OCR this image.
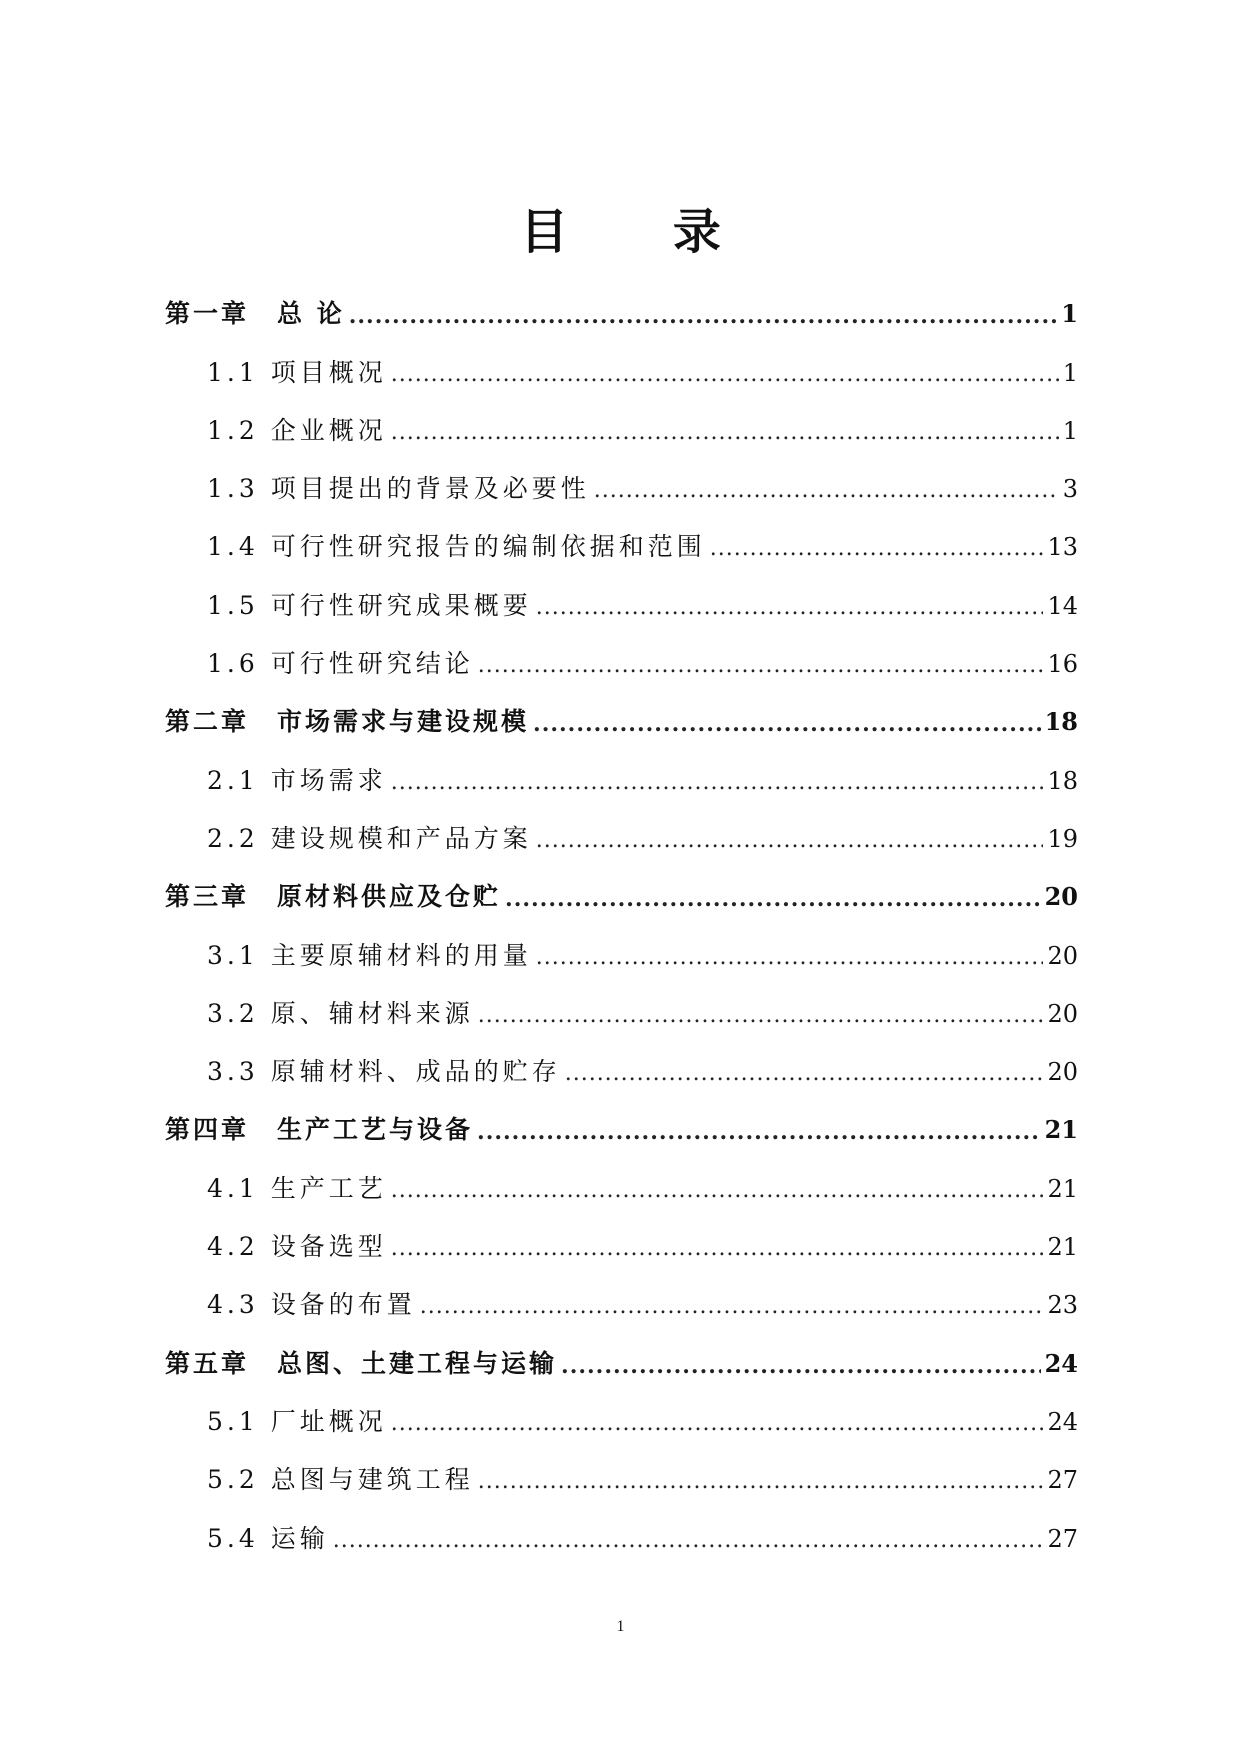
目 录
第一章 总 论 .....	1
1.1 项目概况 .....	1
1.2 企业概况 .....	1
1.3 项目提出的背景及必要性 .....	3
1.4 可行性研究报告的编制依据和范围 .....	13
1.5 可行性研究成果概要 .....	14
1.6 可行性研究结论 .....	16
第二章 市场需求与建设规模 .....	18
2.1 市场需求 .....	18
2.2 建设规模和产品方案 .....	19
第三章 原材料供应及仓贮 .....	20
3.1 主要原辅材料的用量 .....	20
3.2 原、辅材料来源 .....	20
3.3 原辅材料、成品的贮存 .....	20
第四章 生产工艺与设备 .....	21
4.1 生产工艺 .....	21
4.2 设备选型 .....	21
4.3 设备的布置 .....	23
第五章 总图、土建工程与运输 .....	24
5.1 厂址概况 .....	24
5.2 总图与建筑工程 .....	27
5.4 运输 .....	27
1
